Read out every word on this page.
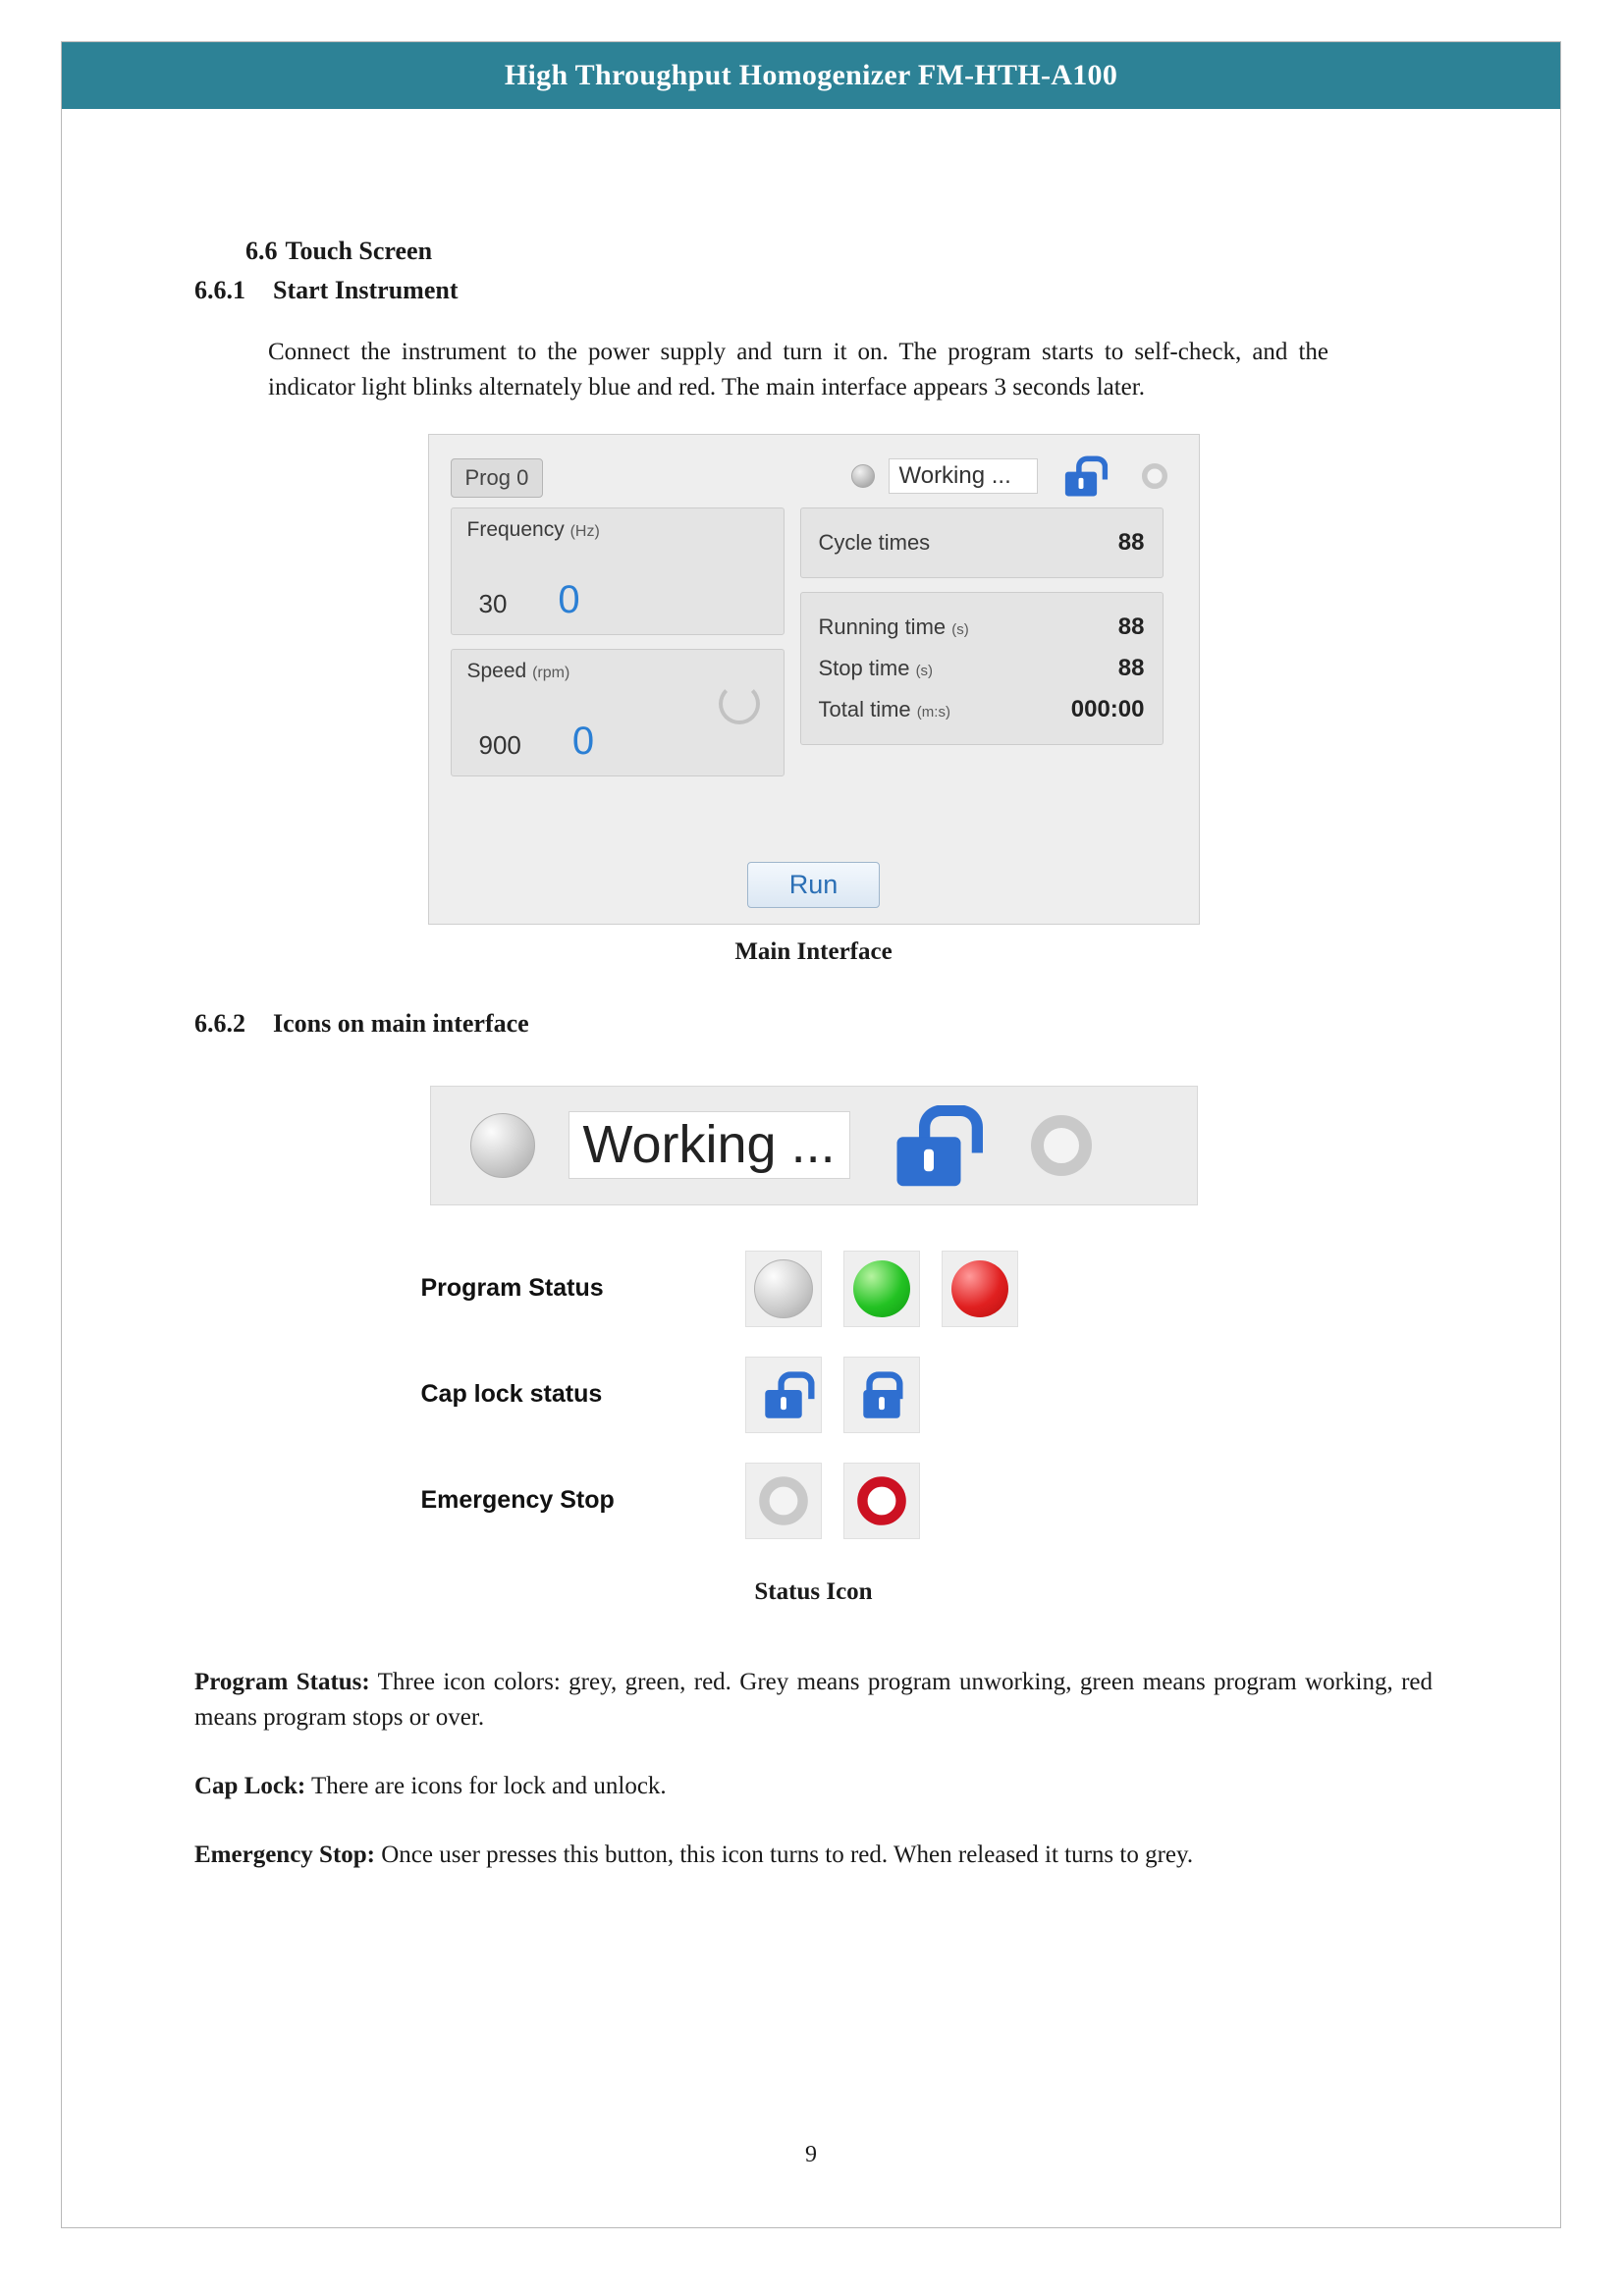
High Throughput Homogenizer FM-HTH-A100
6.6 Touch Screen
6.6.1 Start Instrument

Connect the instrument to the power supply and turn it on. The program starts to self-check, and the indicator light blinks alternately blue and red. The main interface appears 3 seconds later.

Prog 0	Working ...
Frequency (Hz)
30 0
Speed (rpm)
900 0
Cycle times	88
Running time (s)	88
Stop time (s)	88
Total time (m:s)	000:00
Run
Main Interface
6.6.2 Icons on main interface
Working ...
Program Status
Cap lock status
Emergency Stop
Status Icon

Program Status: Three icon colors: grey, green, red. Grey means program unworking, green means program working, red means program stops or over.

Cap Lock: There are icons for lock and unlock.

Emergency Stop: Once user presses this button, this icon turns to red. When released it turns to grey.

9
